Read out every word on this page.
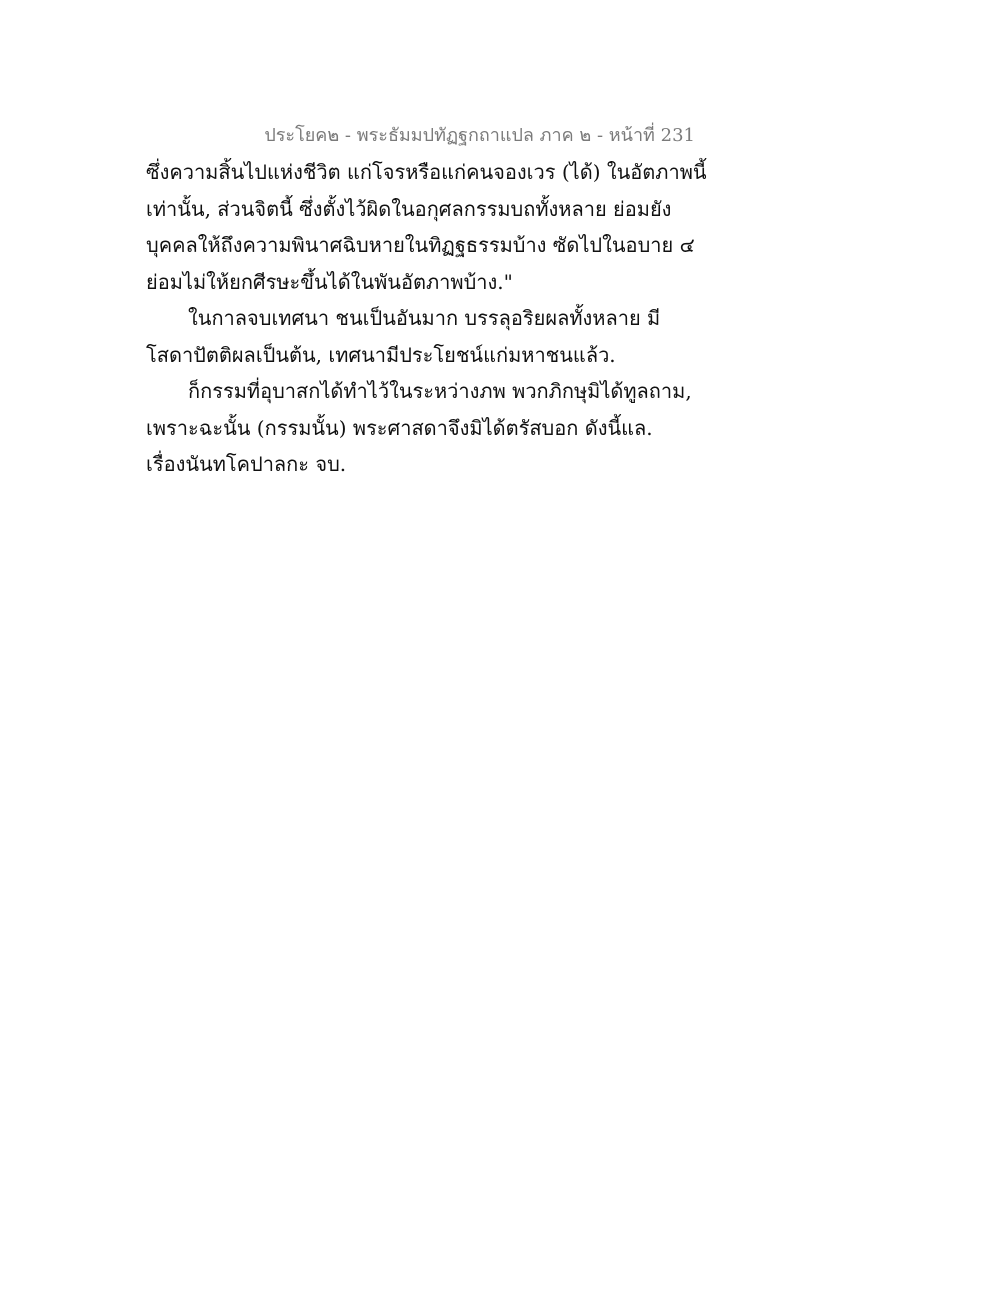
ประโยค๒ - พระธัมมปทัฏฐกถาแปล ภาค ๒ - หน้าที่ 231
ซึ่งความสิ้นไปแห่งชีวิต แก่โจรหรือแก่คนจองเวร (ได้) ในอัตภาพนี้
เท่านั้น, ส่วนจิตนี้ ซึ่งตั้งไว้ผิดในอกุศลกรรมบถทั้งหลาย ย่อมยัง
บุคคลให้ถึงความพินาศฉิบหายในทิฏฐธรรมบ้าง ซัดไปในอบาย ๔
ย่อมไม่ให้ยกศีรษะขึ้นได้ในพันอัตภาพบ้าง."
ในกาลจบเทศนา ชนเป็นอันมาก บรรลุอริยผลทั้งหลาย มี
โสดาปัตติผลเป็นต้น, เทศนามีประโยชน์แก่มหาชนแล้ว.
ก็กรรมที่อุบาสกได้ทำไว้ในระหว่างภพ พวกภิกษุมิได้ทูลถาม,
เพราะฉะนั้น (กรรมนั้น) พระศาสดาจึงมิได้ตรัสบอก ดังนี้แล.
เรื่องนันทโคปาลกะ จบ.
